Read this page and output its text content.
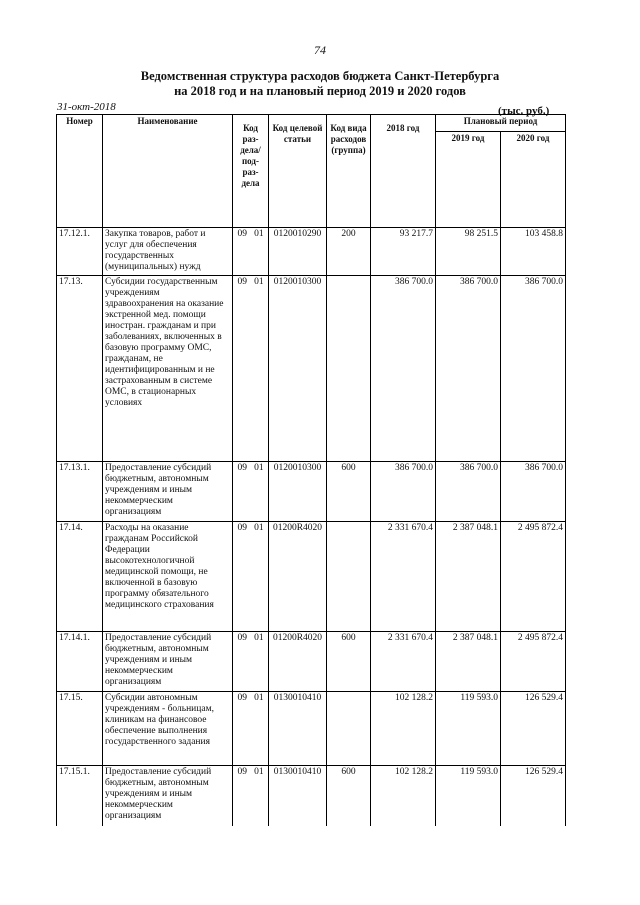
74
Ведомственная структура расходов бюджета Санкт-Петербурга
на 2018 год и на плановый период 2019 и 2020 годов
31-окт-2018	(тыс. руб.)
Номер	Наименование	Код раз- дела/ под- раз- дела	Код целевой статьи	Код вида расходов (группа)	2018 год	Плановый период	
						2019 год	2020 год
17.12.1.	Закупка товаров, работ и услуг для обеспечения государственных (муниципальных) нужд	09 01	0120010290	200	93 217.7	98 251.5	103 458.8
17.13.	Субсидии государственным учреждениям здравоохранения на оказание экстренной мед. помощи иностран. гражданам и при заболеваниях, включенных в базовую программу ОМС, гражданам, не идентифицированным и не застрахованным в системе ОМС, в стационарных условиях	09 01	0120010300		386 700.0	386 700.0	386 700.0
17.13.1.	Предоставление субсидий бюджетным, автономным учреждениям и иным некоммерческим организациям	09 01	0120010300	600	386 700.0	386 700.0	386 700.0
17.14.	Расходы на оказание гражданам Российской Федерации высокотехнологичной медицинской помощи, не включенной в базовую программу обязательного медицинского страхования	09 01	01200R4020		2 331 670.4	2 387 048.1	2 495 872.4
17.14.1.	Предоставление субсидий бюджетным, автономным учреждениям и иным некоммерческим организациям	09 01	01200R4020	600	2 331 670.4	2 387 048.1	2 495 872.4
17.15.	Субсидии автономным учреждениям - больницам, клиникам на финансовое обеспечение выполнения государственного задания	09 01	0130010410		102 128.2	119 593.0	126 529.4
17.15.1.	Предоставление субсидий бюджетным, автономным учреждениям и иным некоммерческим организациям	09 01	0130010410	600	102 128.2	119 593.0	126 529.4
